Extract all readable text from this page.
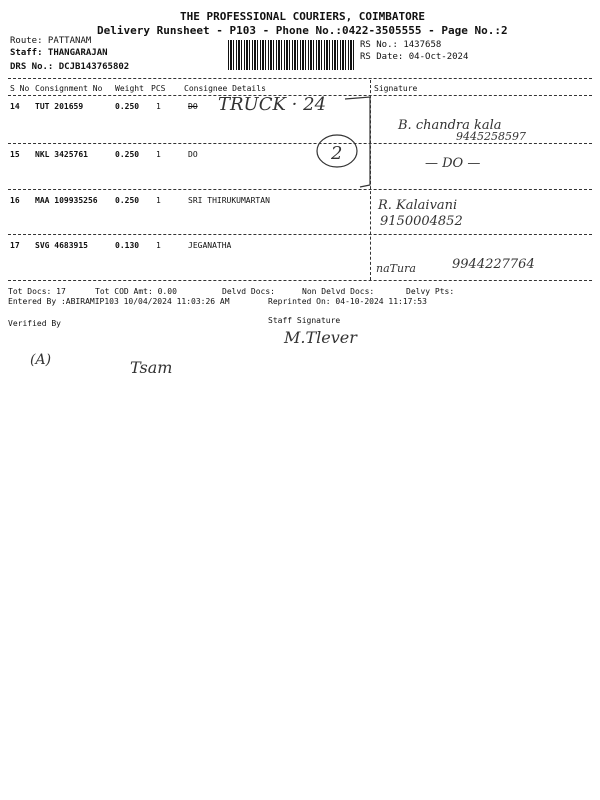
THE PROFESSIONAL COURIERS, COIMBATORE
Delivery Runsheet - P103 - Phone No.:0422-3505555 - Page No.:2
Route: PATTANAM
Staff: THANGARAJAN
DRS No.: DCJB143765802
RS No.: 1437658
RS Date: 04-Oct-2024
S No Consignment No Weight PCS Consignee Details	Signature
14 TUT 201659	0.250 1	DO TRUCK · 24
B. chandra kala
9445258597
2
15 NKL 3425761	0.250 1	DO
— DO —
16 MAA 109935256 0.250 1	SRI THIRUKUMARTAN	R. Kalaivani
9150004852
17 SVG 4683915	0.130 1	JEGANATHA
naTura	9944227764
Tot Docs: 17	Tot COD Amt: 0.00	Delvd Docs:	Non Delvd Docs:	Delvy Pts:
Entered By :ABIRAMIP103 10/04/2024 11:03:26 AM	Reprinted On: 04-10-2024 11:17:53
Verified By	Staff Signature
M.Tlever
(A)	Tsam
